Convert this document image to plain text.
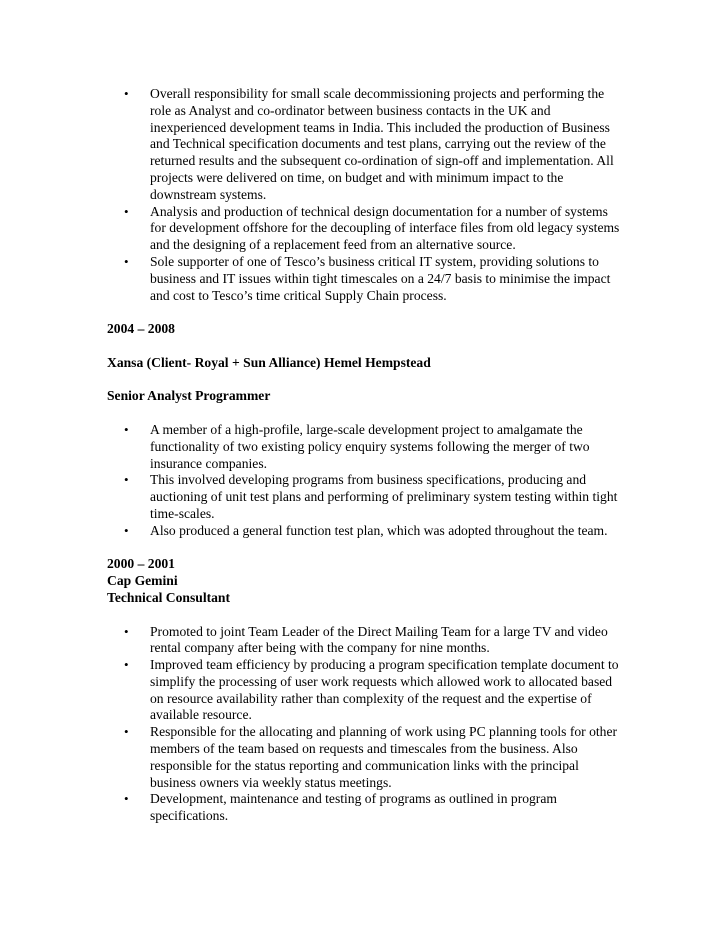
• Overall responsibility for small scale decommissioning projects and performing the role as Analyst and co-ordinator between business contacts in the UK and inexperienced development teams in India. This included the production of Business and Technical specification documents and test plans, carrying out the review of the returned results and the subsequent co-ordination of sign-off and implementation. All projects were delivered on time, on budget and with minimum impact to the downstream systems.
• Analysis and production of technical design documentation for a number of systems for development offshore for the decoupling of interface files from old legacy systems and the designing of a replacement feed from an alternative source.
• Sole supporter of one of Tesco’s business critical IT system, providing solutions to business and IT issues within tight timescales on a 24/7 basis to minimise the impact and cost to Tesco’s time critical Supply Chain process.

2004 – 2008

Xansa (Client- Royal + Sun Alliance) Hemel Hempstead

Senior Analyst Programmer

• A member of a high-profile, large-scale development project to amalgamate the functionality of two existing policy enquiry systems following the merger of two insurance companies.
• This involved developing programs from business specifications, producing and auctioning of unit test plans and performing of preliminary system testing within tight time-scales.
• Also produced a general function test plan, which was adopted throughout the team.

2000 – 2001

Cap Gemini

Technical Consultant

• Promoted to joint Team Leader of the Direct Mailing Team for a large TV and video rental company after being with the company for nine months.
• Improved team efficiency by producing a program specification template document to simplify the processing of user work requests which allowed work to allocated based on resource availability rather than complexity of the request and the expertise of available resource.
• Responsible for the allocating and planning of work using PC planning tools for other members of the team based on requests and timescales from the business. Also responsible for the status reporting and communication links with the principal business owners via weekly status meetings.
• Development, maintenance and testing of programs as outlined in program specifications.
